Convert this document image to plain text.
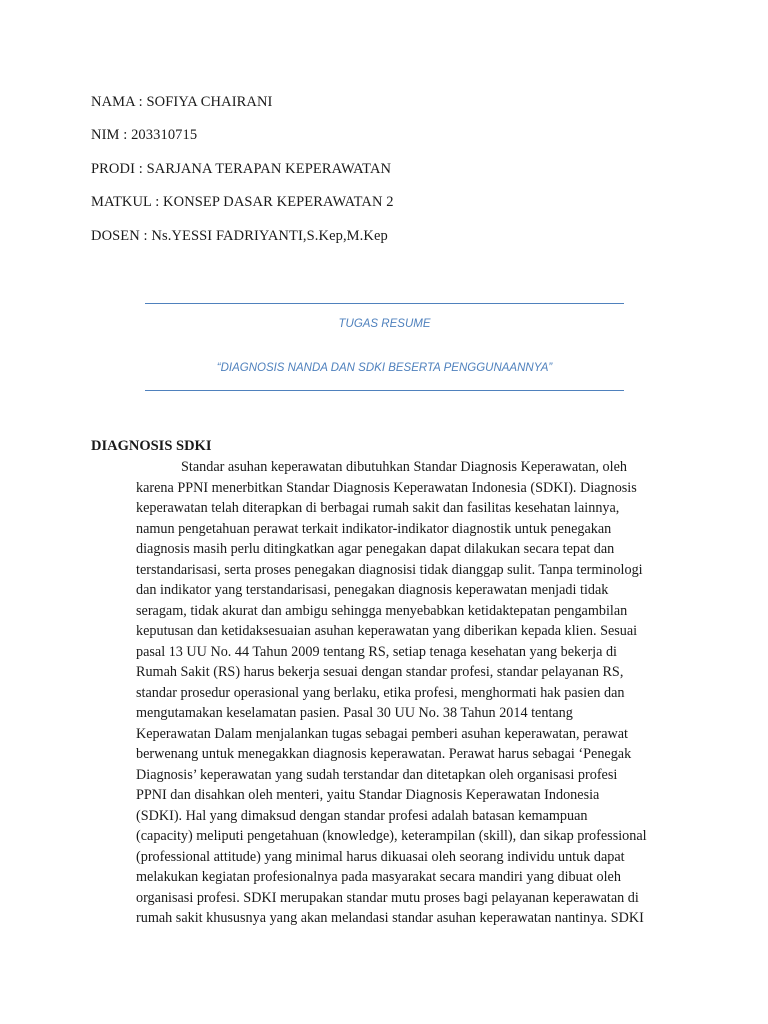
NAMA : SOFIYA CHAIRANI
NIM : 203310715
PRODI : SARJANA TERAPAN KEPERAWATAN
MATKUL : KONSEP DASAR KEPERAWATAN 2
DOSEN : Ns.YESSI FADRIYANTI,S.Kep,M.Kep
TUGAS RESUME
“DIAGNOSIS NANDA DAN SDKI BESERTA PENGGUNAANNYA”
DIAGNOSIS SDKI
Standar asuhan keperawatan dibutuhkan Standar Diagnosis Keperawatan, oleh
karena PPNI menerbitkan Standar Diagnosis Keperawatan Indonesia (SDKI). Diagnosis
keperawatan telah diterapkan di berbagai rumah sakit dan fasilitas kesehatan lainnya,
namun pengetahuan perawat terkait indikator-indikator diagnostik untuk penegakan
diagnosis masih perlu ditingkatkan agar penegakan dapat dilakukan secara tepat dan
terstandarisasi, serta proses penegakan diagnosisi tidak dianggap sulit. Tanpa terminologi
dan indikator yang terstandarisasi, penegakan diagnosis keperawatan menjadi tidak
seragam, tidak akurat dan ambigu sehingga menyebabkan ketidaktepatan pengambilan
keputusan dan ketidaksesuaian asuhan keperawatan yang diberikan kepada klien. Sesuai
pasal 13 UU No. 44 Tahun 2009 tentang RS, setiap tenaga kesehatan yang bekerja di
Rumah Sakit (RS) harus bekerja sesuai dengan standar profesi, standar pelayanan RS,
standar prosedur operasional yang berlaku, etika profesi, menghormati hak pasien dan
mengutamakan keselamatan pasien. Pasal 30 UU No. 38 Tahun 2014 tentang
Keperawatan Dalam menjalankan tugas sebagai pemberi asuhan keperawatan, perawat
berwenang untuk menegakkan diagnosis keperawatan. Perawat harus sebagai ‘Penegak
Diagnosis’ keperawatan yang sudah terstandar dan ditetapkan oleh organisasi profesi
PPNI dan disahkan oleh menteri, yaitu Standar Diagnosis Keperawatan Indonesia
(SDKI). Hal yang dimaksud dengan standar profesi adalah batasan kemampuan
(capacity) meliputi pengetahuan (knowledge), keterampilan (skill), dan sikap professional
(professional attitude) yang minimal harus dikuasai oleh seorang individu untuk dapat
melakukan kegiatan profesionalnya pada masyarakat secara mandiri yang dibuat oleh
organisasi profesi. SDKI merupakan standar mutu proses bagi pelayanan keperawatan di
rumah sakit khususnya yang akan melandasi standar asuhan keperawatan nantinya. SDKI
